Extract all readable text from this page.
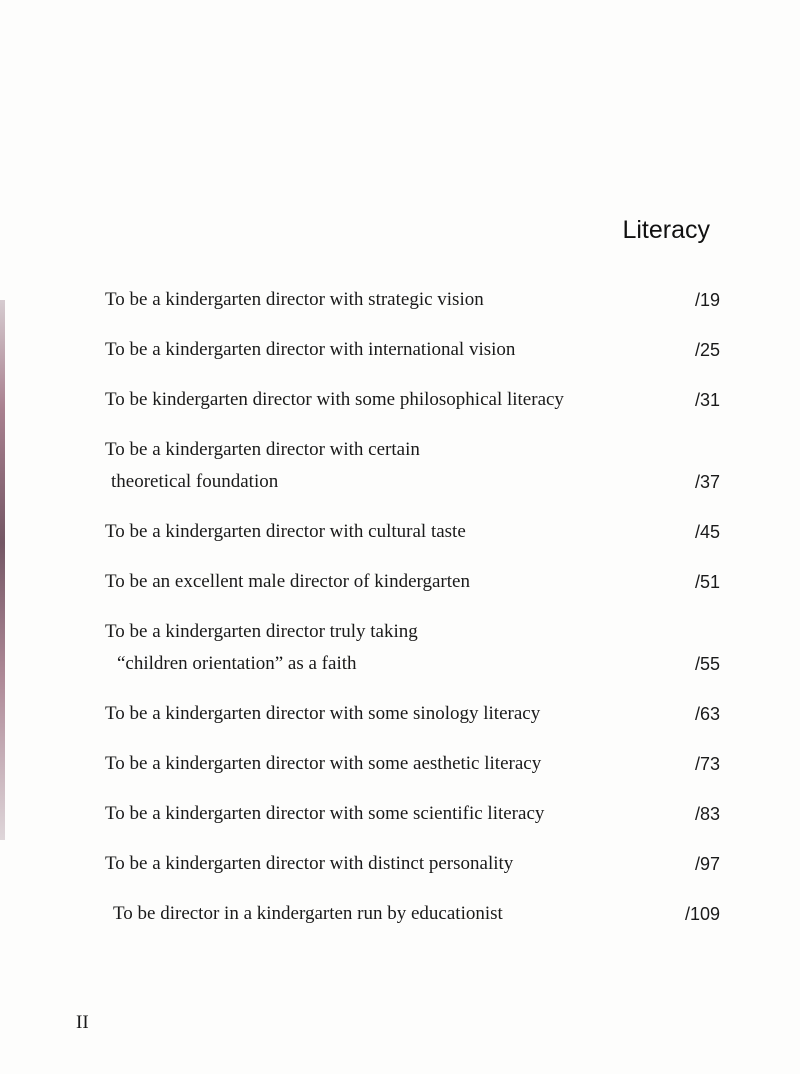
Literacy
To be a kindergarten director with strategic vision	/19
To be a kindergarten director with international vision	/25
To be kindergarten director with some philosophical literacy	/31
To be a kindergarten director with certain
theoretical foundation	/37
To be a kindergarten director with cultural taste	/45
To be an excellent male director of kindergarten	/51
To be a kindergarten director truly taking
“children orientation” as a faith	/55
To be a kindergarten director with some sinology literacy	/63
To be a kindergarten director with some aesthetic literacy	/73
To be a kindergarten director with some scientific literacy	/83
To be a kindergarten director with distinct personality	/97
To be director in a kindergarten run by educationist	/109
II
